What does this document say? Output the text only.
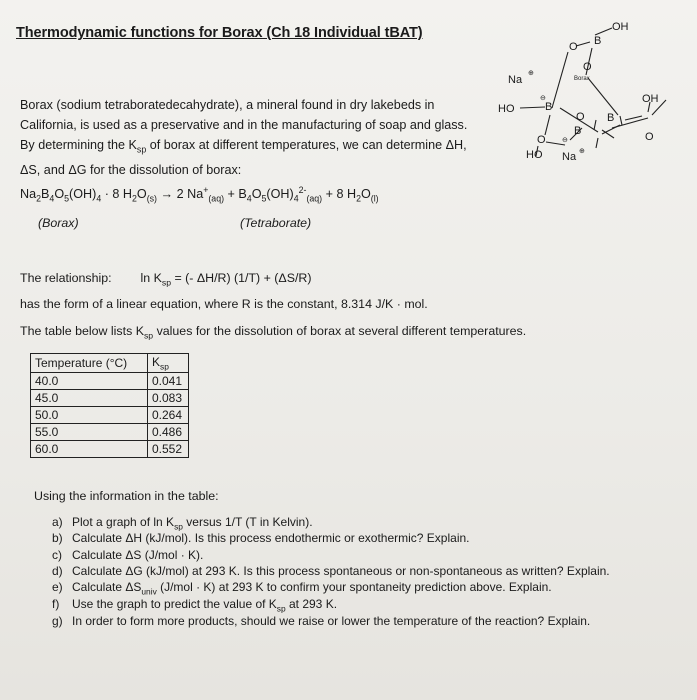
Thermodynamic functions for Borax (Ch 18 Individual tBAT)	OH
B
O
O
Na
⊕
Borax
HO	B
⊖	OH
B
O
O
B
⊖
O
HO Na ⊕
Borax (sodium tetraboratedecahydrate), a mineral found in dry lakebeds in California, is used as a preservative and in the manufacturing of soap and glass. By determining the $K_{sp}$ of borax at different temperatures, we can determine ΔH, ΔS, and ΔG for the dissolution of borax:
$Na_2B_4O_5(OH)_4 \cdot 8$ $H_2O_{(s)} \to 2$ $Na^+_{(aq)} + B_4O_5(OH)_4^{2-}_{(aq)} + 8$ $H_2O_{(l)}$
(Borax)	(Tetraborate)
The relationship: $\ln K_{sp}$ = (- ΔH/R) (1/T) + (ΔS/R)
has the form of a linear equation, where R is the constant, 8.314 J/K · mol.
The table below lists $K_{sp}$ values for the dissolution of borax at several different temperatures.
Temperature (°C)	$K_{sp}$
40.0	0.041
45.0	0.083
50.0	0.264
55.0	0.486
60.0	0.552
Using the information in the table:
a) Plot a graph of $\ln K_{sp}$ versus 1/T (T in Kelvin).
b) Calculate ΔH (kJ/mol). Is this process endothermic or exothermic? Explain.
c) Calculate ΔS (J/mol · K).
d) Calculate ΔG (kJ/mol) at 293 K. Is this process spontaneous or non-spontaneous as written? Explain.
e) Calculate $\Delta S_{univ}$ (J/mol · K) at 293 K to confirm your spontaneity prediction above. Explain.
f) Use the graph to predict the value of $K_{sp}$ at 293 K.
g) In order to form more products, should we raise or lower the temperature of the reaction? Explain.
